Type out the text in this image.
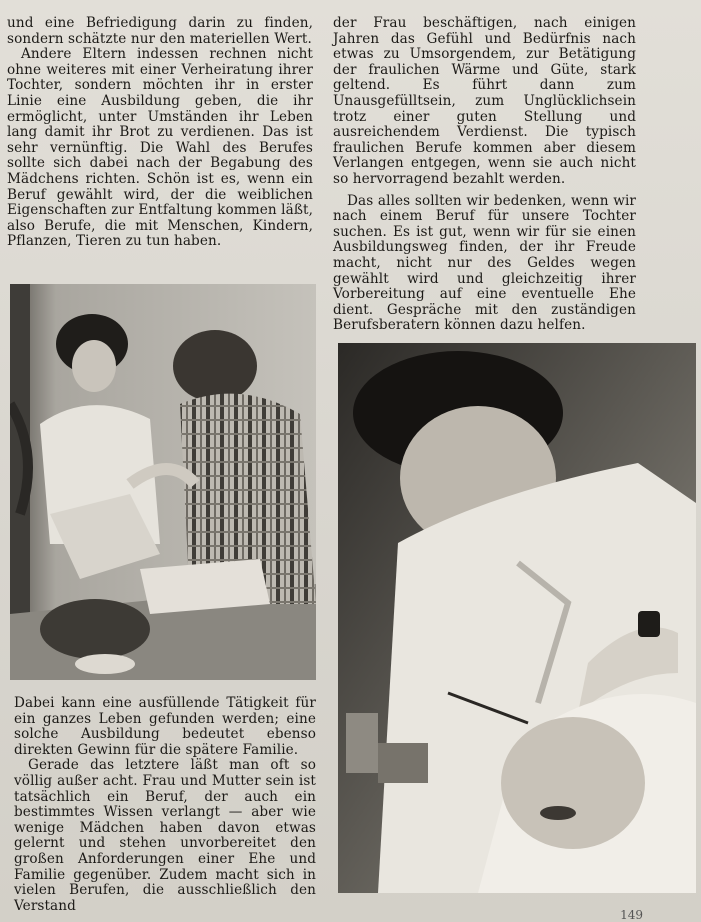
und eine Befriedigung darin zu finden, sondern schätzte nur den materiellen Wert.

Andere Eltern indessen rechnen nicht ohne weiteres mit einer Verheiratung ihrer Tochter, sondern möchten ihr in erster Linie eine Ausbildung geben, die ihr ermöglicht, unter Umständen ihr Leben lang damit ihr Brot zu verdienen. Das ist sehr vernünftig. Die Wahl des Berufes sollte sich dabei nach der Begabung des Mädchens richten. Schön ist es, wenn ein Beruf gewählt wird, der die weiblichen Eigenschaften zur Entfaltung kommen läßt, also Berufe, die mit Menschen, Kindern, Pflanzen, Tieren zu tun haben.

der Frau beschäftigen, nach einigen Jahren das Gefühl und Bedürfnis nach etwas zu Umsorgendem, zur Betätigung der fraulichen Wärme und Güte, stark geltend. Es führt dann zum Unausgefülltsein, zum Unglücklichsein trotz einer guten Stellung und ausreichendem Verdienst. Die typisch fraulichen Berufe kommen aber diesem Verlangen entgegen, wenn sie auch nicht so hervorragend bezahlt werden.

Das alles sollten wir bedenken, wenn wir nach einem Beruf für unsere Tochter suchen. Es ist gut, wenn wir für sie einen Ausbildungsweg finden, der ihr Freude macht, nicht nur des Geldes wegen gewählt wird und gleichzeitig ihrer Vorbereitung auf eine eventuelle Ehe dient. Gespräche mit den zuständigen Berufsberatern können dazu helfen.

Dabei kann eine ausfüllende Tätigkeit für ein ganzes Leben gefunden werden; eine solche Ausbildung bedeutet ebenso direkten Gewinn für die spätere Familie.

Gerade das letztere läßt man oft so völlig außer acht. Frau und Mutter sein ist tatsächlich ein Beruf, der auch ein bestimmtes Wissen verlangt — aber wie wenige Mädchen haben davon etwas gelernt und stehen unvorbereitet den großen Anforderungen einer Ehe und Familie gegenüber. Zudem macht sich in vielen Berufen, die ausschließlich den Verstand

149
